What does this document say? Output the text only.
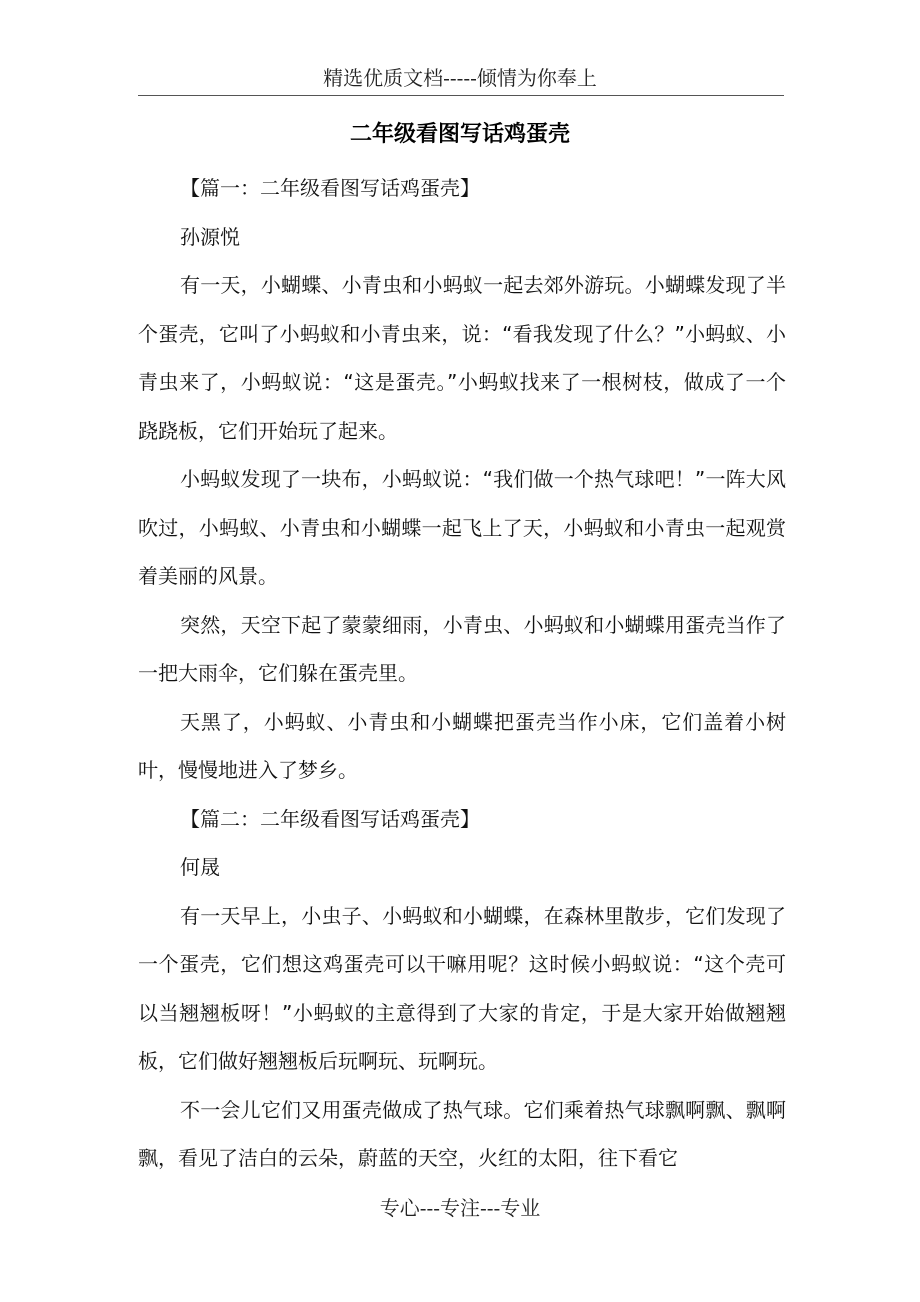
精选优质文档-----倾情为你奉上
二年级看图写话鸡蛋壳

【篇一：二年级看图写话鸡蛋壳】

孙源悦

有一天，小蝴蝶、小青虫和小蚂蚁一起去郊外游玩。小蝴蝶发现了半个蛋壳，它叫了小蚂蚁和小青虫来，说：“看我发现了什么？”小蚂蚁、小青虫来了，小蚂蚁说：“这是蛋壳。”小蚂蚁找来了一根树枝，做成了一个跷跷板，它们开始玩了起来。

小蚂蚁发现了一块布，小蚂蚁说：“我们做一个热气球吧！”一阵大风吹过，小蚂蚁、小青虫和小蝴蝶一起飞上了天，小蚂蚁和小青虫一起观赏着美丽的风景。

突然，天空下起了蒙蒙细雨，小青虫、小蚂蚁和小蝴蝶用蛋壳当作了一把大雨伞，它们躲在蛋壳里。

天黑了，小蚂蚁、小青虫和小蝴蝶把蛋壳当作小床，它们盖着小树叶，慢慢地进入了梦乡。

【篇二：二年级看图写话鸡蛋壳】

何晟

有一天早上，小虫子、小蚂蚁和小蝴蝶，在森林里散步，它们发现了一个蛋壳，它们想这鸡蛋壳可以干嘛用呢？这时候小蚂蚁说：“这个壳可以当翘翘板呀！”小蚂蚁的主意得到了大家的肯定，于是大家开始做翘翘板，它们做好翘翘板后玩啊玩、玩啊玩。

不一会儿它们又用蛋壳做成了热气球。它们乘着热气球飘啊飘、飘啊飘，看见了洁白的云朵，蔚蓝的天空，火红的太阳，往下看它

专心---专注---专业
